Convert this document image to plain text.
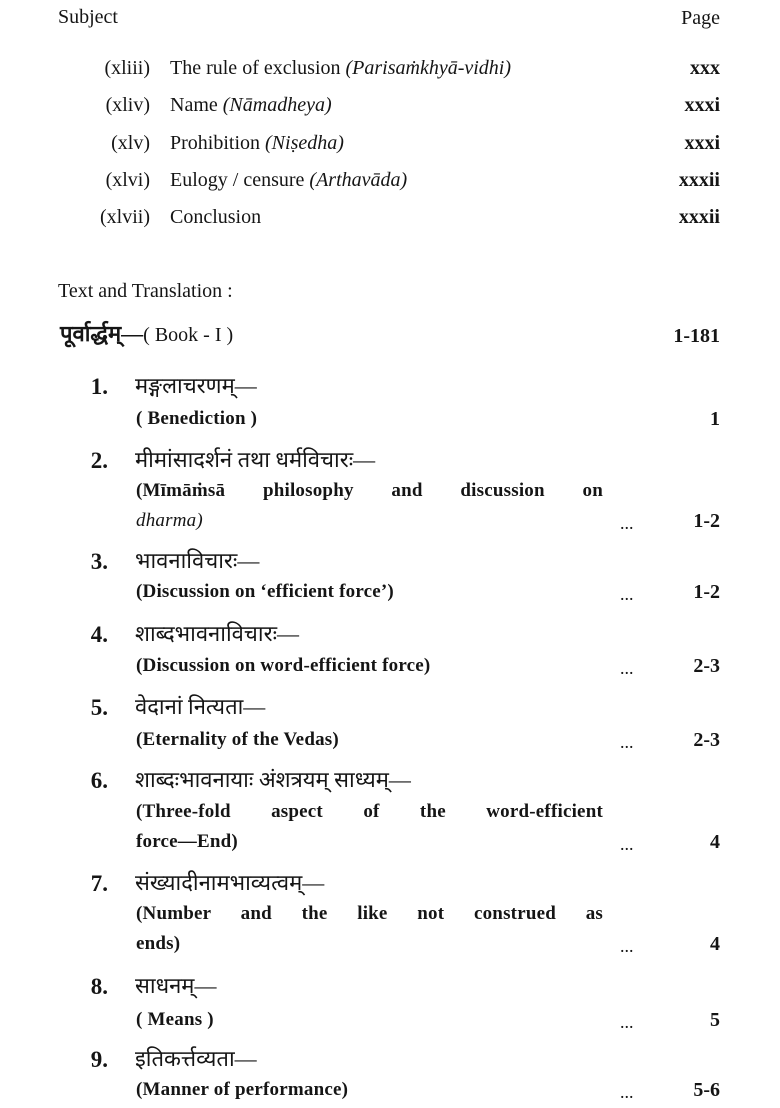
Subject	Page
(xliii) The rule of exclusion (Parisaṁkhyā-vidhi)	xxx
(xliv) Name (Nāmadheya)	xxxi
(xlv) Prohibition (Niṣedha)	xxxi
(xlvi) Eulogy / censure (Arthavāda)	xxxii
(xlvii) Conclusion	xxxii
Text and Translation :
पूर्वार्द्धम्—( Book - I )	1-181
1. मङ्गलाचरणम्—
( Benediction )	1
2. मीमांसादर्शनं तथा धर्मविचारः—
(Mīmāṁsā philosophy and discussion on
dharma)	...	1-2
3. भावनाविचारः—
(Discussion on ‘efficient force’)	...	1-2
4. शाब्दभावनाविचारः—
(Discussion on word-efficient force)	...	2-3
5. वेदानां नित्यता—
(Eternality of the Vedas)	...	2-3
6. शाब्दःभावनायाः अंशत्रयम् साध्यम्—
(Three-fold aspect of the word-efficient
force—End)	...	4
7. संख्यादीनामभाव्यत्वम्—
(Number and the like not construed as
ends)	...	4
8. साधनम्—
( Means )	...	5
9. इतिकर्त्तव्यता—
(Manner of performance)	...	5-6
